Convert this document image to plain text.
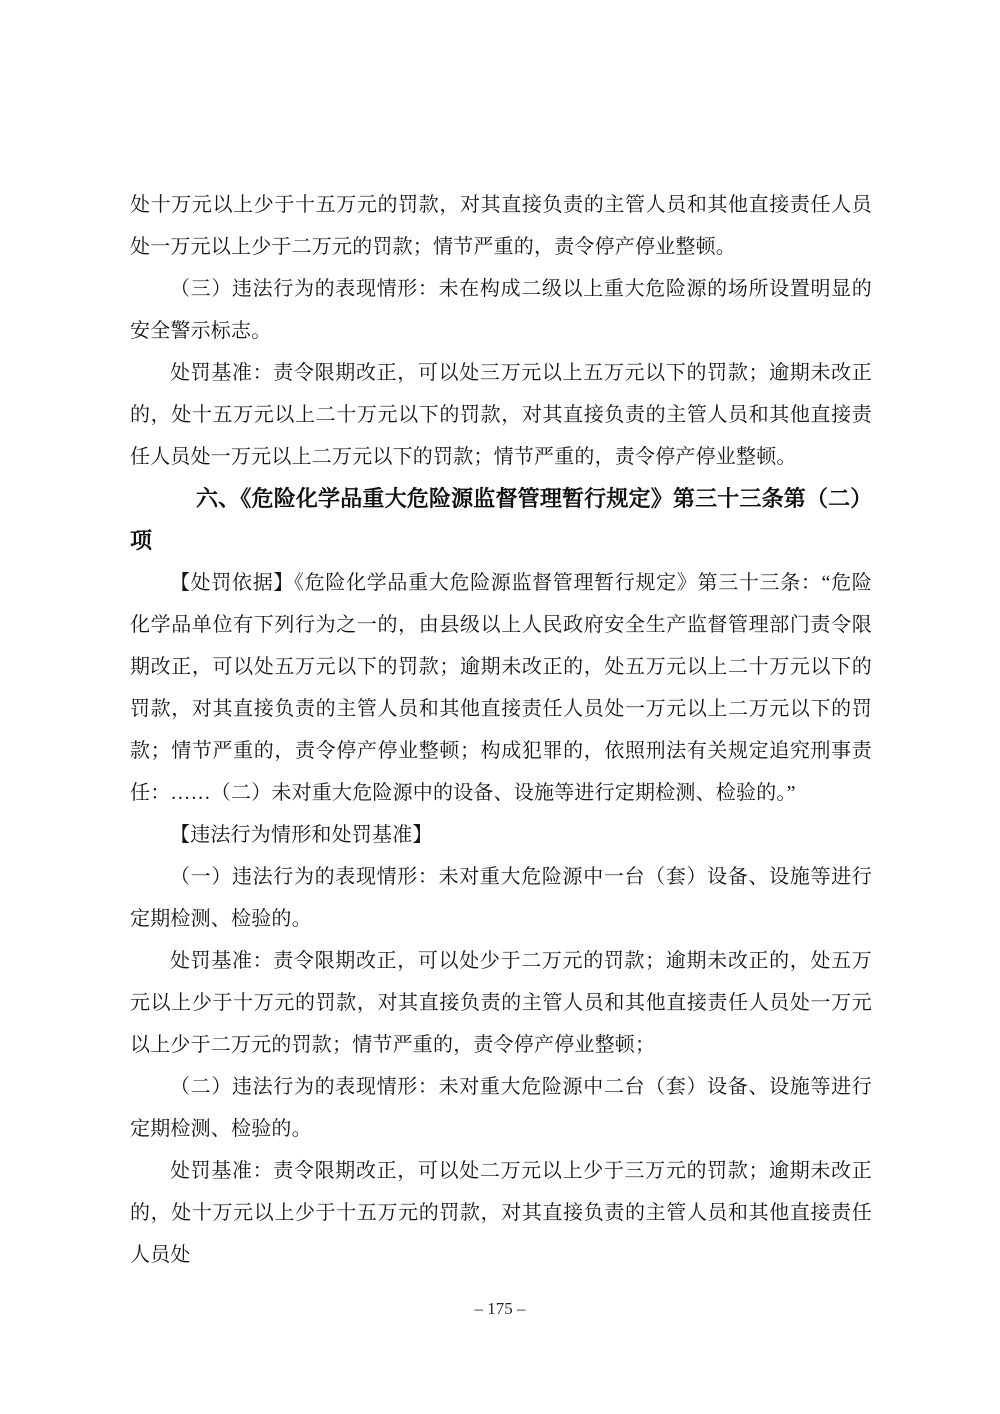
处十万元以上少于十五万元的罚款，对其直接负责的主管人员和其他直接责任人员处一万元以上少于二万元的罚款；情节严重的，责令停产停业整顿。

（三）违法行为的表现情形：未在构成二级以上重大危险源的场所设置明显的安全警示标志。

处罚基准：责令限期改正，可以处三万元以上五万元以下的罚款；逾期未改正的，处十五万元以上二十万元以下的罚款，对其直接负责的主管人员和其他直接责任人员处一万元以上二万元以下的罚款；情节严重的，责令停产停业整顿。

六、《危险化学品重大危险源监督管理暂行规定》第三十三条第（二）项

【处罚依据】《危险化学品重大危险源监督管理暂行规定》第三十三条：“危险化学品单位有下列行为之一的，由县级以上人民政府安全生产监督管理部门责令限期改正，可以处五万元以下的罚款；逾期未改正的，处五万元以上二十万元以下的罚款，对其直接负责的主管人员和其他直接责任人员处一万元以上二万元以下的罚款；情节严重的，责令停产停业整顿；构成犯罪的，依照刑法有关规定追究刑事责任：……（二）未对重大危险源中的设备、设施等进行定期检测、检验的。”

【违法行为情形和处罚基准】

（一）违法行为的表现情形：未对重大危险源中一台（套）设备、设施等进行定期检测、检验的。

处罚基准：责令限期改正，可以处少于二万元的罚款；逾期未改正的，处五万元以上少于十万元的罚款，对其直接负责的主管人员和其他直接责任人员处一万元以上少于二万元的罚款；情节严重的，责令停产停业整顿；

（二）违法行为的表现情形：未对重大危险源中二台（套）设备、设施等进行定期检测、检验的。

处罚基准：责令限期改正，可以处二万元以上少于三万元的罚款；逾期未改正的，处十万元以上少于十五万元的罚款，对其直接负责的主管人员和其他直接责任人员处

– 175 –
